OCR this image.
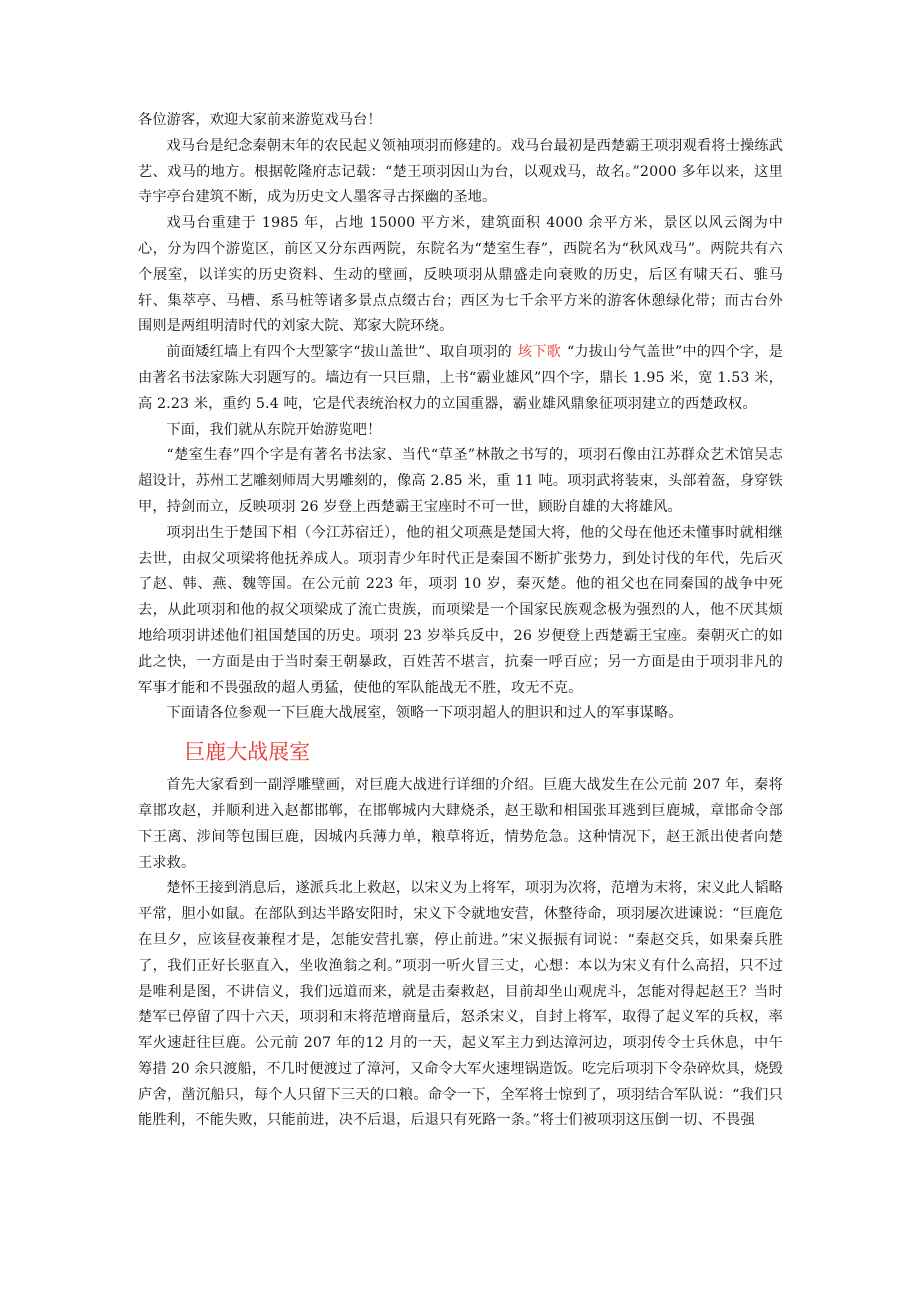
各位游客，欢迎大家前来游览戏马台！

戏马台是纪念秦朝末年的农民起义领袖项羽而修建的。戏马台最初是西楚霸王项羽观看将士操练武艺、戏马的地方。根据乾隆府志记载：“楚王项羽因山为台，以观戏马，故名。”2000 多年以来，这里寺宇亭台建筑不断，成为历史文人墨客寻古探幽的圣地。

戏马台重建于 1985 年，占地 15000 平方米，建筑面积 4000 余平方米，景区以风云阁为中心，分为四个游览区，前区又分东西两院，东院名为“楚室生春”，西院名为“秋风戏马”。两院共有六个展室，以详实的历史资料、生动的壁画，反映项羽从鼎盛走向衰败的历史，后区有啸天石、骓马轩、集萃亭、马槽、系马桩等诸多景点点缀古台；西区为七千余平方米的游客休憩绿化带；而古台外围则是两组明清时代的刘家大院、郑家大院环绕。

前面矮红墙上有四个大型篆字“拔山盖世”、取自项羽的 垓下歌 “力拔山兮气盖世”中的四个字，是由著名书法家陈大羽题写的。墙边有一只巨鼎，上书“霸业雄风”四个字，鼎长 1.95 米，宽 1.53 米，高 2.23 米，重约 5.4 吨，它是代表统治权力的立国重器，霸业雄风鼎象征项羽建立的西楚政权。

下面，我们就从东院开始游览吧！

“楚室生春”四个字是有著名书法家、当代“草圣”林散之书写的，项羽石像由江苏群众艺术馆吴志超设计，苏州工艺雕刻师周大男雕刻的，像高 2.85 米，重 11 吨。项羽武将装束，头部着盔，身穿铁甲，持剑而立，反映项羽 26 岁登上西楚霸王宝座时不可一世，顾盼自雄的大将雄风。

项羽出生于楚国下相（今江苏宿迁），他的祖父项燕是楚国大将，他的父母在他还未懂事时就相继去世，由叔父项梁将他抚养成人。项羽青少年时代正是秦国不断扩张势力，到处讨伐的年代，先后灭了赵、韩、燕、魏等国。在公元前 223 年，项羽 10 岁，秦灭楚。他的祖父也在同秦国的战争中死去，从此项羽和他的叔父项梁成了流亡贵族，而项梁是一个国家民族观念极为强烈的人，他不厌其烦地给项羽讲述他们祖国楚国的历史。项羽 23 岁举兵反中，26 岁便登上西楚霸王宝座。秦朝灭亡的如此之快，一方面是由于当时秦王朝暴政，百姓苦不堪言，抗秦一呼百应；另一方面是由于项羽非凡的军事才能和不畏强敌的超人勇猛，使他的军队能战无不胜，攻无不克。

下面请各位参观一下巨鹿大战展室，领略一下项羽超人的胆识和过人的军事谋略。

巨鹿大战展室

首先大家看到一副浮雕壁画，对巨鹿大战进行详细的介绍。巨鹿大战发生在公元前 207 年，秦将章邯攻赵，并顺利进入赵都邯郸，在邯郸城内大肆烧杀，赵王歇和相国张耳逃到巨鹿城，章邯命令部下王离、涉间等包围巨鹿，因城内兵薄力单，粮草将近，情势危急。这种情况下，赵王派出使者向楚王求救。

楚怀王接到消息后，遂派兵北上救赵，以宋义为上将军，项羽为次将，范增为末将，宋义此人韬略平常，胆小如鼠。在部队到达半路安阳时，宋义下令就地安营，休整待命，项羽屡次进谏说：“巨鹿危在旦夕，应该昼夜兼程才是，怎能安营扎寨，停止前进。”宋义振振有词说：“秦赵交兵，如果秦兵胜了，我们正好长驱直入，坐收渔翁之利。”项羽一听火冒三丈，心想：本以为宋义有什么高招，只不过是唯利是图，不讲信义，我们远道而来，就是击秦救赵，目前却坐山观虎斗，怎能对得起赵王？当时楚军已停留了四十六天，项羽和末将范增商量后，怒杀宋义，自封上将军，取得了起义军的兵权，率军火速赶往巨鹿。公元前 207 年的12 月的一天，起义军主力到达漳河边，项羽传令士兵休息，中午筹措 20 余只渡船，不几时便渡过了漳河，又命令大军火速埋锅造饭。吃完后项羽下令杂碎炊具，烧毁庐舍，凿沉船只，每个人只留下三天的口粮。命令一下，全军将士惊到了，项羽结合军队说：“我们只能胜利，不能失败，只能前进，决不后退，后退只有死路一条。”将士们被项羽这压倒一切、不畏强
